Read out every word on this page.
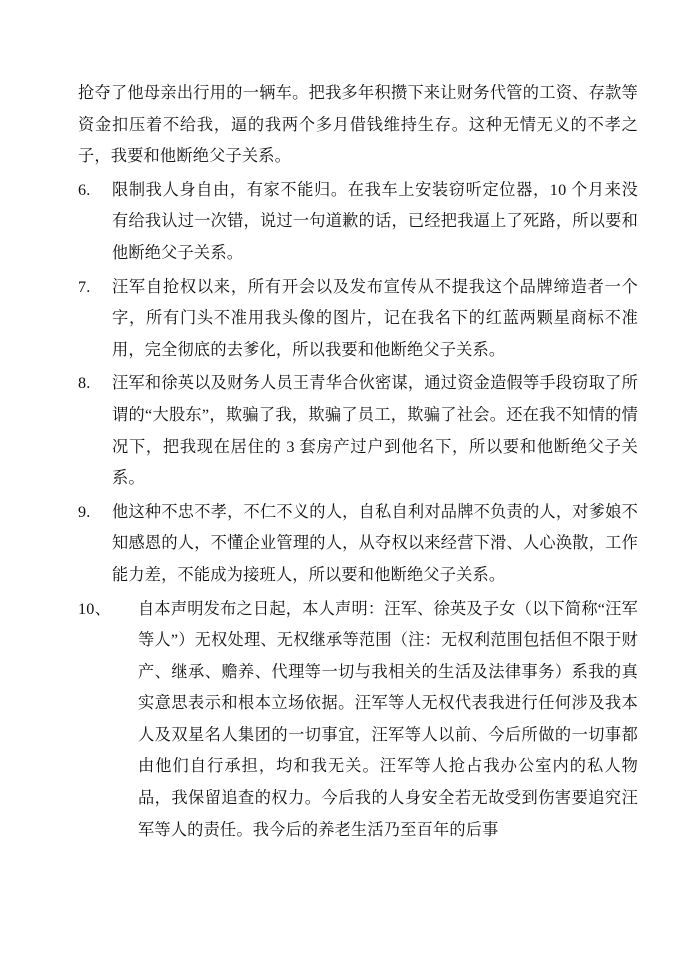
抢夺了他母亲出行用的一辆车。把我多年积攒下来让财务代管的工资、存款等资金扣压着不给我，逼的我两个多月借钱维持生存。这种无情无义的不孝之子，我要和他断绝父子关系。

6.	限制我人身自由，有家不能归。在我车上安装窃听定位器，10 个月来没有给我认过一次错，说过一句道歉的话，已经把我逼上了死路，所以要和他断绝父子关系。
7.	汪军自抢权以来，所有开会以及发布宣传从不提我这个品牌缔造者一个字，所有门头不准用我头像的图片，记在我名下的红蓝两颗星商标不准用，完全彻底的去爹化，所以我要和他断绝父子关系。
8.	汪军和徐英以及财务人员王青华合伙密谋，通过资金造假等手段窃取了所谓的“大股东”，欺骗了我，欺骗了员工，欺骗了社会。还在我不知情的情况下，把我现在居住的 3 套房产过户到他名下，所以要和他断绝父子关系。
9.	他这种不忠不孝，不仁不义的人，自私自利对品牌不负责的人，对爹娘不知感恩的人，不懂企业管理的人，从夺权以来经营下滑、人心涣散，工作能力差，不能成为接班人，所以要和他断绝父子关系。
10、	自本声明发布之日起，本人声明：汪军、徐英及子女（以下简称“汪军等人”）无权处理、无权继承等范围（注：无权利范围包括但不限于财产、继承、赡养、代理等一切与我相关的生活及法律事务）系我的真实意思表示和根本立场依据。汪军等人无权代表我进行任何涉及我本人及双星名人集团的一切事宜，汪军等人以前、今后所做的一切事都由他们自行承担，均和我无关。汪军等人抢占我办公室内的私人物品，我保留追查的权力。今后我的人身安全若无故受到伤害要追究汪军等人的责任。我今后的养老生活乃至百年的后事
